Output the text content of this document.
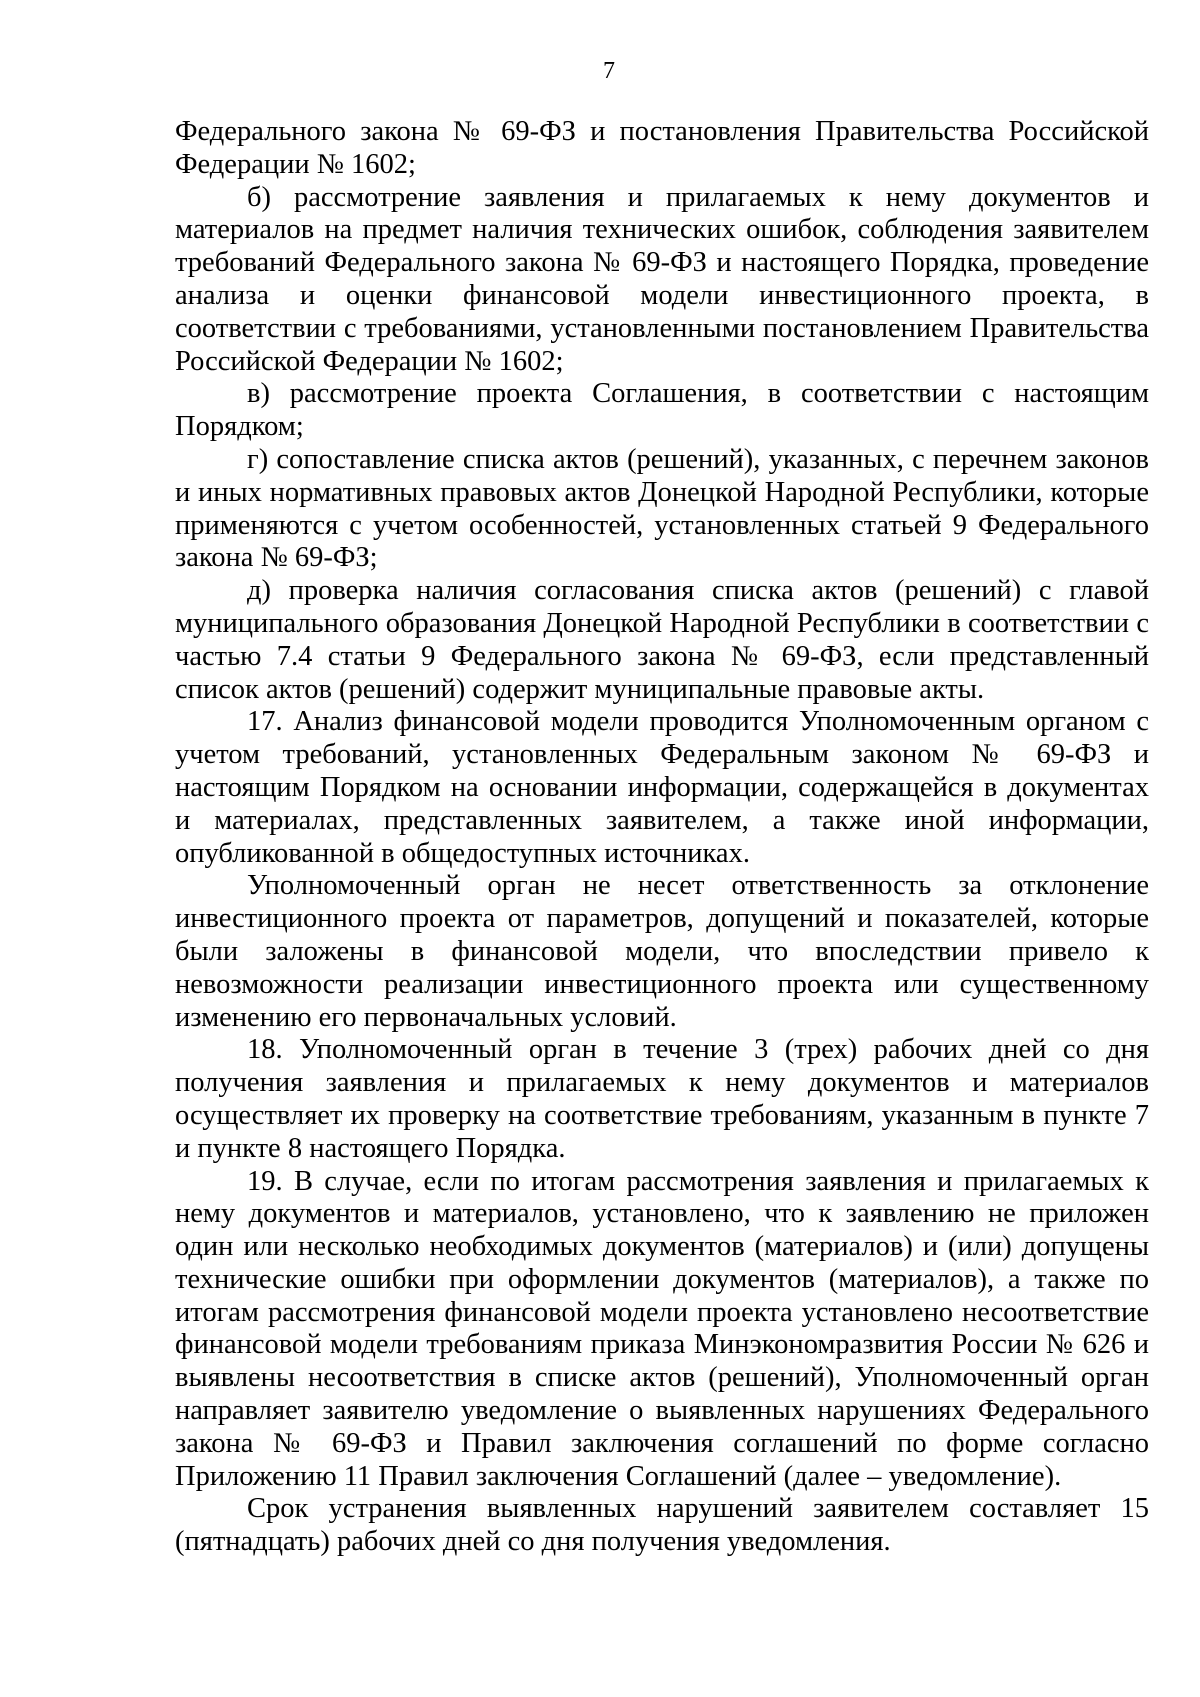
7

Федерального закона № 69-ФЗ и постановления Правительства Российской Федерации № 1602;

б) рассмотрение заявления и прилагаемых к нему документов и материалов на предмет наличия технических ошибок, соблюдения заявителем требований Федерального закона № 69-ФЗ и настоящего Порядка, проведение анализа и оценки финансовой модели инвестиционного проекта, в соответствии с требованиями, установленными постановлением Правительства Российской Федерации № 1602;

в) рассмотрение проекта Соглашения, в соответствии с настоящим Порядком;

г) сопоставление списка актов (решений), указанных, с перечнем законов и иных нормативных правовых актов Донецкой Народной Республики, которые применяются с учетом особенностей, установленных статьей 9 Федерального закона № 69-ФЗ;

д) проверка наличия согласования списка актов (решений) с главой муниципального образования Донецкой Народной Республики в соответствии с частью 7.4 статьи 9 Федерального закона № 69-ФЗ, если представленный список актов (решений) содержит муниципальные правовые акты.

17. Анализ финансовой модели проводится Уполномоченным органом с учетом требований, установленных Федеральным законом № 69-ФЗ и настоящим Порядком на основании информации, содержащейся в документах и материалах, представленных заявителем, а также иной информации, опубликованной в общедоступных источниках.

Уполномоченный орган не несет ответственность за отклонение инвестиционного проекта от параметров, допущений и показателей, которые были заложены в финансовой модели, что впоследствии привело к невозможности реализации инвестиционного проекта или существенному изменению его первоначальных условий.

18. Уполномоченный орган в течение 3 (трех) рабочих дней со дня получения заявления и прилагаемых к нему документов и материалов осуществляет их проверку на соответствие требованиям, указанным в пункте 7 и пункте 8 настоящего Порядка.

19. В случае, если по итогам рассмотрения заявления и прилагаемых к нему документов и материалов, установлено, что к заявлению не приложен один или несколько необходимых документов (материалов) и (или) допущены технические ошибки при оформлении документов (материалов), а также по итогам рассмотрения финансовой модели проекта установлено несоответствие финансовой модели требованиям приказа Минэкономразвития России № 626 и выявлены несоответствия в списке актов (решений), Уполномоченный орган направляет заявителю уведомление о выявленных нарушениях Федерального закона № 69-ФЗ и Правил заключения соглашений по форме согласно Приложению 11 Правил заключения Соглашений (далее – уведомление).

Срок устранения выявленных нарушений заявителем составляет 15 (пятнадцать) рабочих дней со дня получения уведомления.
